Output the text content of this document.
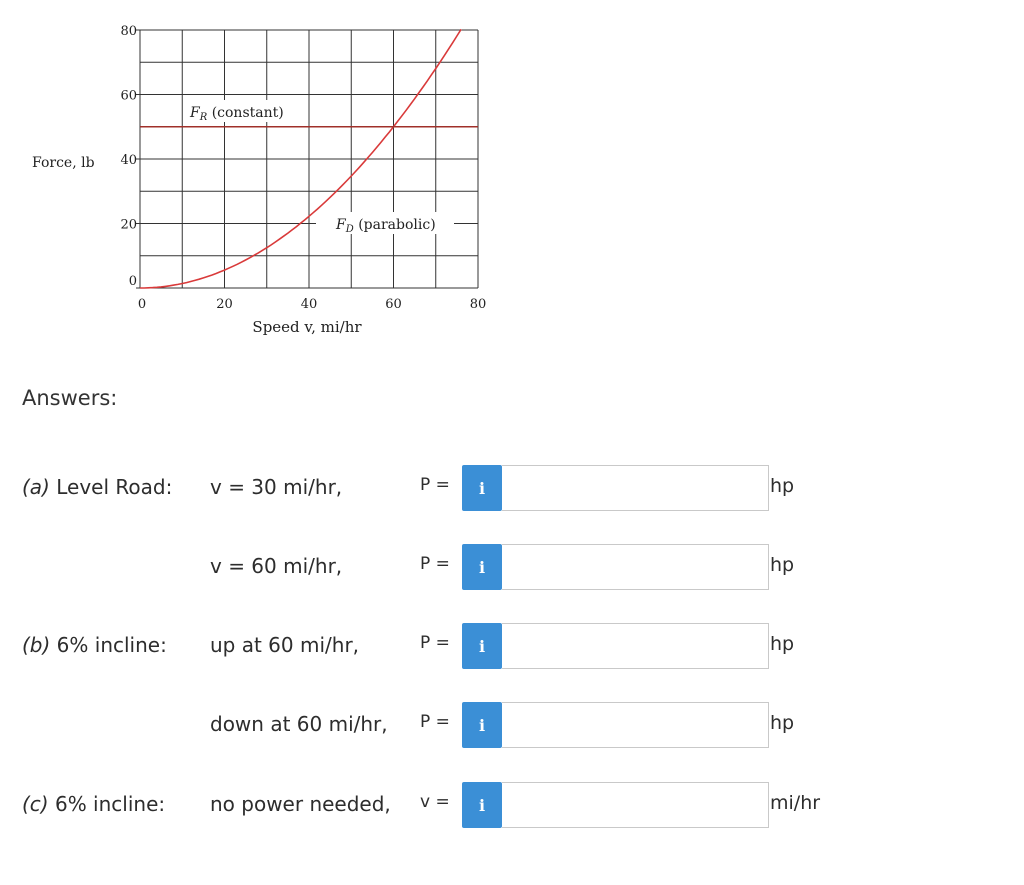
$F_R$ (constant)
$F_D$ (parabolic)
0
20
40
60
80
0	20	40	60	80
Force, lb
Speed v, mi/hr
Answers:
(a) Level Road: v = 30 mi/hr,	P =	i	hp
v = 60 mi/hr,	P =	i	hp
(b) 6% incline: up at 60 mi/hr,	P =	i	hp
down at 60 mi/hr, P =	i	hp
(c) 6% incline: no power needed, v =	i	mi/hr
